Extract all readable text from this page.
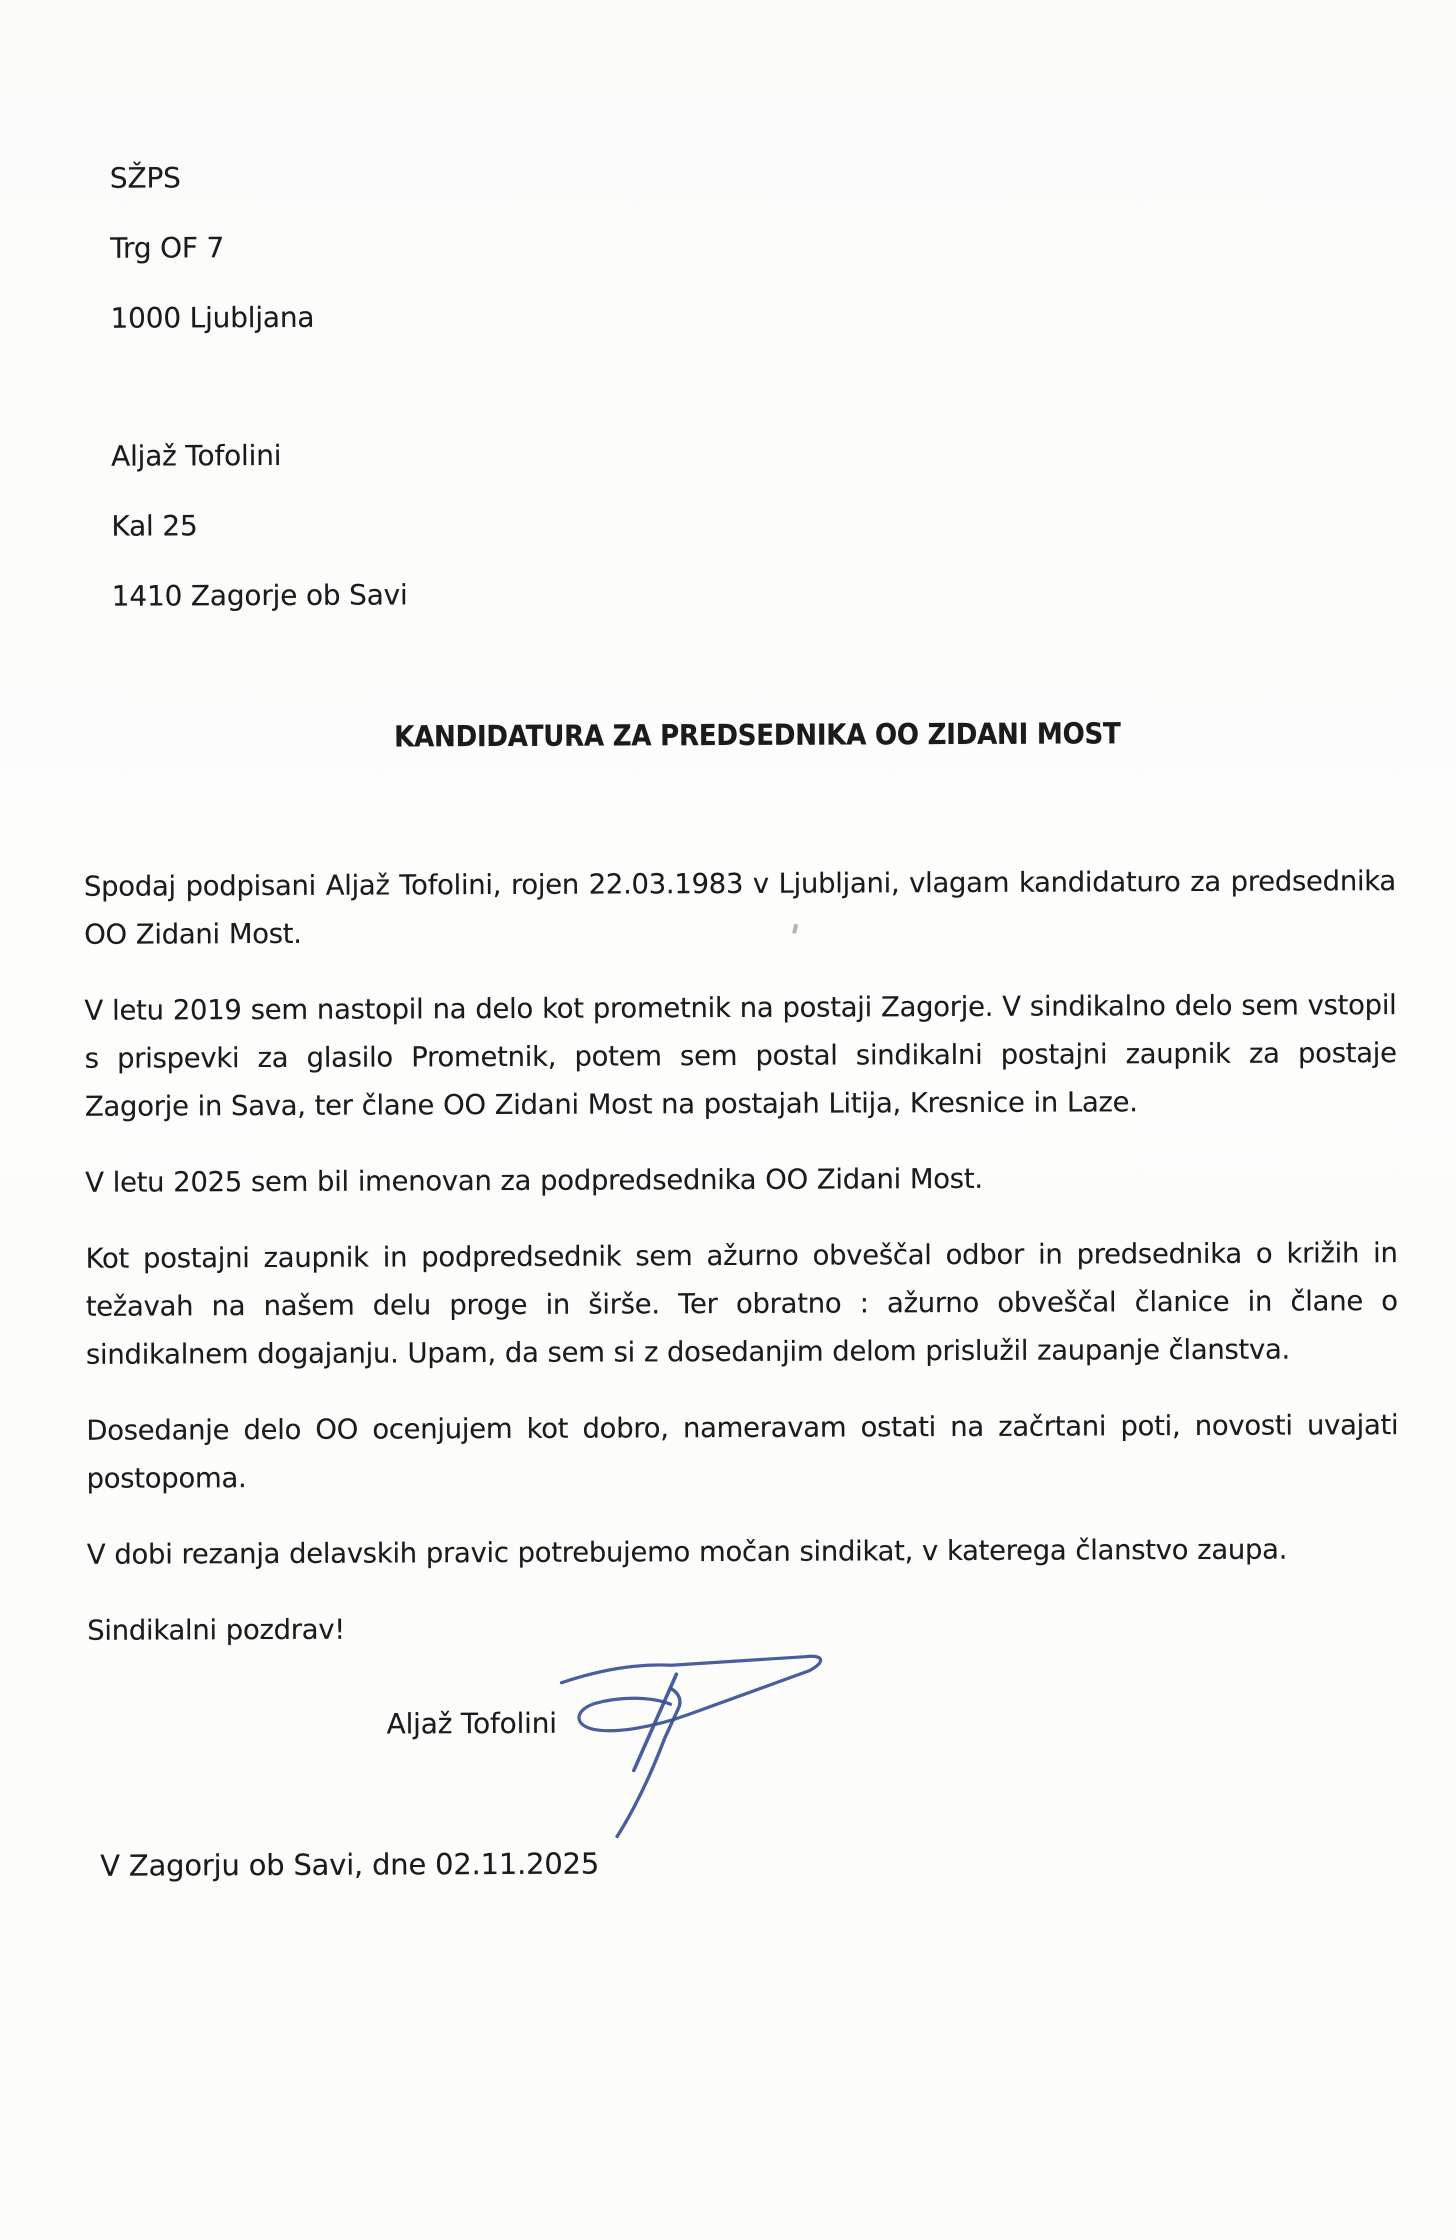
SŽPS

Trg OF 7

1000 Ljubljana

Aljaž Tofolini

Kal 25

1410 Zagorje ob Savi

KANDIDATURA ZA PREDSEDNIKA OO ZIDANI MOST

Spodaj podpisani Aljaž Tofolini, rojen 22.03.1983 v Ljubljani, vlagam kandidaturo za predsednika OO Zidani Most.

V letu 2019 sem nastopil na delo kot prometnik na postaji Zagorje. V sindikalno delo sem vstopil s prispevki za glasilo Prometnik, potem sem postal sindikalni postajni zaupnik za postaje Zagorje in Sava, ter člane OO Zidani Most na postajah Litija, Kresnice in Laze.

V letu 2025 sem bil imenovan za podpredsednika OO Zidani Most.

Kot postajni zaupnik in podpredsednik sem ažurno obveščal odbor in predsednika o križih in težavah na našem delu proge in širše. Ter obratno : ažurno obveščal članice in člane o sindikalnem dogajanju. Upam, da sem si z dosedanjim delom prislužil zaupanje članstva.

Dosedanje delo OO ocenjujem kot dobro, nameravam ostati na začrtani poti, novosti uvajati postopoma.

V dobi rezanja delavskih pravic potrebujemo močan sindikat, v katerega članstvo zaupa.

Sindikalni pozdrav!

Aljaž Tofolini
V Zagorju ob Savi, dne 02.11.2025
